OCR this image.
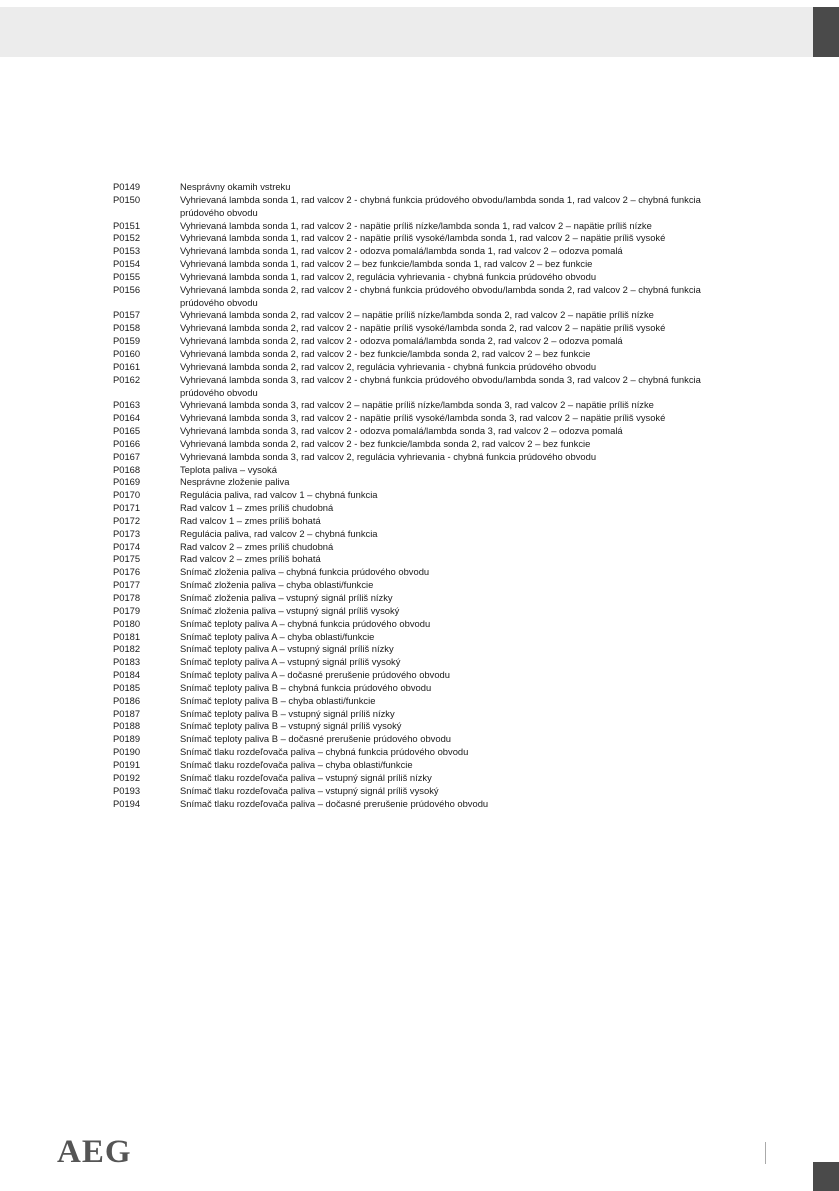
P0149	Nesprávny okamih vstreku
P0150	Vyhrievaná lambda sonda 1, rad valcov 2 - chybná funkcia prúdového obvodu/lambda sonda 1, rad valcov 2 – chybná funkcia prúdového obvodu
P0151	Vyhrievaná lambda sonda 1, rad valcov 2 - napätie príliš nízke/lambda sonda 1, rad valcov 2 – napätie príliš nízke
P0152	Vyhrievaná lambda sonda 1, rad valcov 2 - napätie príliš vysoké/lambda sonda 1, rad valcov 2 – napätie príliš vysoké
P0153	Vyhrievaná lambda sonda 1, rad valcov 2 - odozva pomalá/lambda sonda 1, rad valcov 2 – odozva pomalá
P0154	Vyhrievaná lambda sonda 1, rad valcov 2 – bez funkcie/lambda sonda 1, rad valcov 2 – bez funkcie
P0155	Vyhrievaná lambda sonda 1, rad valcov 2, regulácia vyhrievania - chybná funkcia prúdového obvodu
P0156	Vyhrievaná lambda sonda 2, rad valcov 2 - chybná funkcia prúdového obvodu/lambda sonda 2, rad valcov 2 – chybná funkcia prúdového obvodu
P0157	Vyhrievaná lambda sonda 2, rad valcov 2 – napätie príliš nízke/lambda sonda 2, rad valcov 2 – napätie príliš nízke
P0158	Vyhrievaná lambda sonda 2, rad valcov 2 - napätie príliš vysoké/lambda sonda 2, rad valcov 2 – napätie príliš vysoké
P0159	Vyhrievaná lambda sonda 2, rad valcov 2 - odozva pomalá/lambda sonda 2, rad valcov 2 – odozva pomalá
P0160	Vyhrievaná lambda sonda 2, rad valcov 2 - bez funkcie/lambda sonda 2, rad valcov 2 – bez funkcie
P0161	Vyhrievaná lambda sonda 2, rad valcov 2, regulácia vyhrievania - chybná funkcia prúdového obvodu
P0162	Vyhrievaná lambda sonda 3, rad valcov 2 - chybná funkcia prúdového obvodu/lambda sonda 3, rad valcov 2 – chybná funkcia prúdového obvodu
P0163	Vyhrievaná lambda sonda 3, rad valcov 2 – napätie príliš nízke/lambda sonda 3, rad valcov 2 – napätie príliš nízke
P0164	Vyhrievaná lambda sonda 3, rad valcov 2 - napätie príliš vysoké/lambda sonda 3, rad valcov 2 – napätie príliš vysoké
P0165	Vyhrievaná lambda sonda 3, rad valcov 2 - odozva pomalá/lambda sonda 3, rad valcov 2 – odozva pomalá
P0166	Vyhrievaná lambda sonda 2, rad valcov 2 - bez funkcie/lambda sonda 2, rad valcov 2 – bez funkcie
P0167	Vyhrievaná lambda sonda 3, rad valcov 2, regulácia vyhrievania - chybná funkcia prúdového obvodu
P0168	Teplota paliva – vysoká
P0169	Nesprávne zloženie paliva
P0170	Regulácia paliva, rad valcov 1 – chybná funkcia
P0171	Rad valcov 1 – zmes príliš chudobná
P0172	Rad valcov 1 – zmes príliš bohatá
P0173	Regulácia paliva, rad valcov 2 – chybná funkcia
P0174	Rad valcov 2 – zmes príliš chudobná
P0175	Rad valcov 2 – zmes príliš bohatá
P0176	Snímač zloženia paliva – chybná funkcia prúdového obvodu
P0177	Snímač zloženia paliva – chyba oblasti/funkcie
P0178	Snímač zloženia paliva – vstupný signál príliš nízky
P0179	Snímač zloženia paliva – vstupný signál príliš vysoký
P0180	Snímač teploty paliva A – chybná funkcia prúdového obvodu
P0181	Snímač teploty paliva A – chyba oblasti/funkcie
P0182	Snímač teploty paliva A – vstupný signál príliš nízky
P0183	Snímač teploty paliva A – vstupný signál príliš vysoký
P0184	Snímač teploty paliva A – dočasné prerušenie prúdového obvodu
P0185	Snímač teploty paliva B – chybná funkcia prúdového obvodu
P0186	Snímač teploty paliva B – chyba oblasti/funkcie
P0187	Snímač teploty paliva B – vstupný signál príliš nízky
P0188	Snímač teploty paliva B – vstupný signál príliš vysoký
P0189	Snímač teploty paliva B – dočasné prerušenie prúdového obvodu
P0190	Snímač tlaku rozdeľovača paliva – chybná funkcia prúdového obvodu
P0191	Snímač tlaku rozdeľovača paliva – chyba oblasti/funkcie
P0192	Snímač tlaku rozdeľovača paliva – vstupný signál príliš nízky
P0193	Snímač tlaku rozdeľovača paliva – vstupný signál príliš vysoký
P0194	Snímač tlaku rozdeľovača paliva – dočasné prerušenie prúdového obvodu
AEG
